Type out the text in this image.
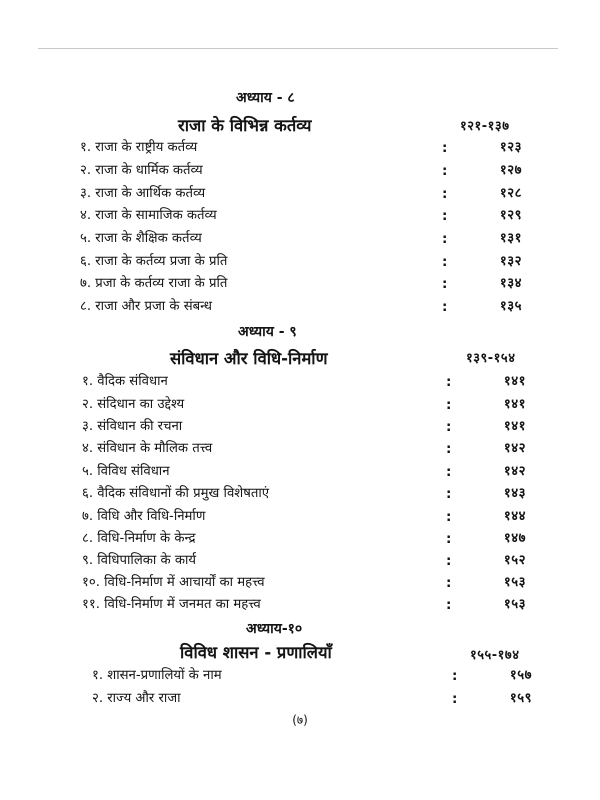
अध्याय - ८
राजा के विभिन्न कर्तव्य	१२१-१३७
१. राजा के राष्ट्रीय कर्तव्य	:	१२३
२. राजा के धार्मिक कर्तव्य	:	१२७
३. राजा के आर्थिक कर्तव्य	:	१२८
४. राजा के सामाजिक कर्तव्य	:	१२९
५. राजा के शैक्षिक कर्तव्य	:	१३१
६. राजा के कर्तव्य प्रजा के प्रति	:	१३२
७. प्रजा के कर्तव्य राजा के प्रति	:	१३४
८. राजा और प्रजा के संबन्ध	:	१३५
अध्याय - ९
संविधान और विधि-निर्माण	१३९-१५४
१. वैदिक संविधान	:	१४१
२. संदिधान का उद्देश्य	:	१४१
३. संविधान की रचना	:	१४१
४. संविधान के मौलिक तत्त्व	:	१४२
५. विविध संविधान	:	१४२
६. वैदिक संविधानों की प्रमुख विशेषताएं	:	१४३
७. विधि और विधि-निर्माण	:	१४४
८. विधि-निर्माण के केन्द्र	:	१४७
९. विधिपालिका के कार्य	:	१५२
१०. विधि-निर्माण में आचार्यों का महत्त्व	:	१५३
११. विधि-निर्माण में जनमत का महत्त्व	:	१५३
अध्याय-१०
विविध शासन - प्रणालियाँ	१५५-१७४
१. शासन-प्रणालियों के नाम	:	१५७
२. राज्य और राजा	:	१५९
(७)
